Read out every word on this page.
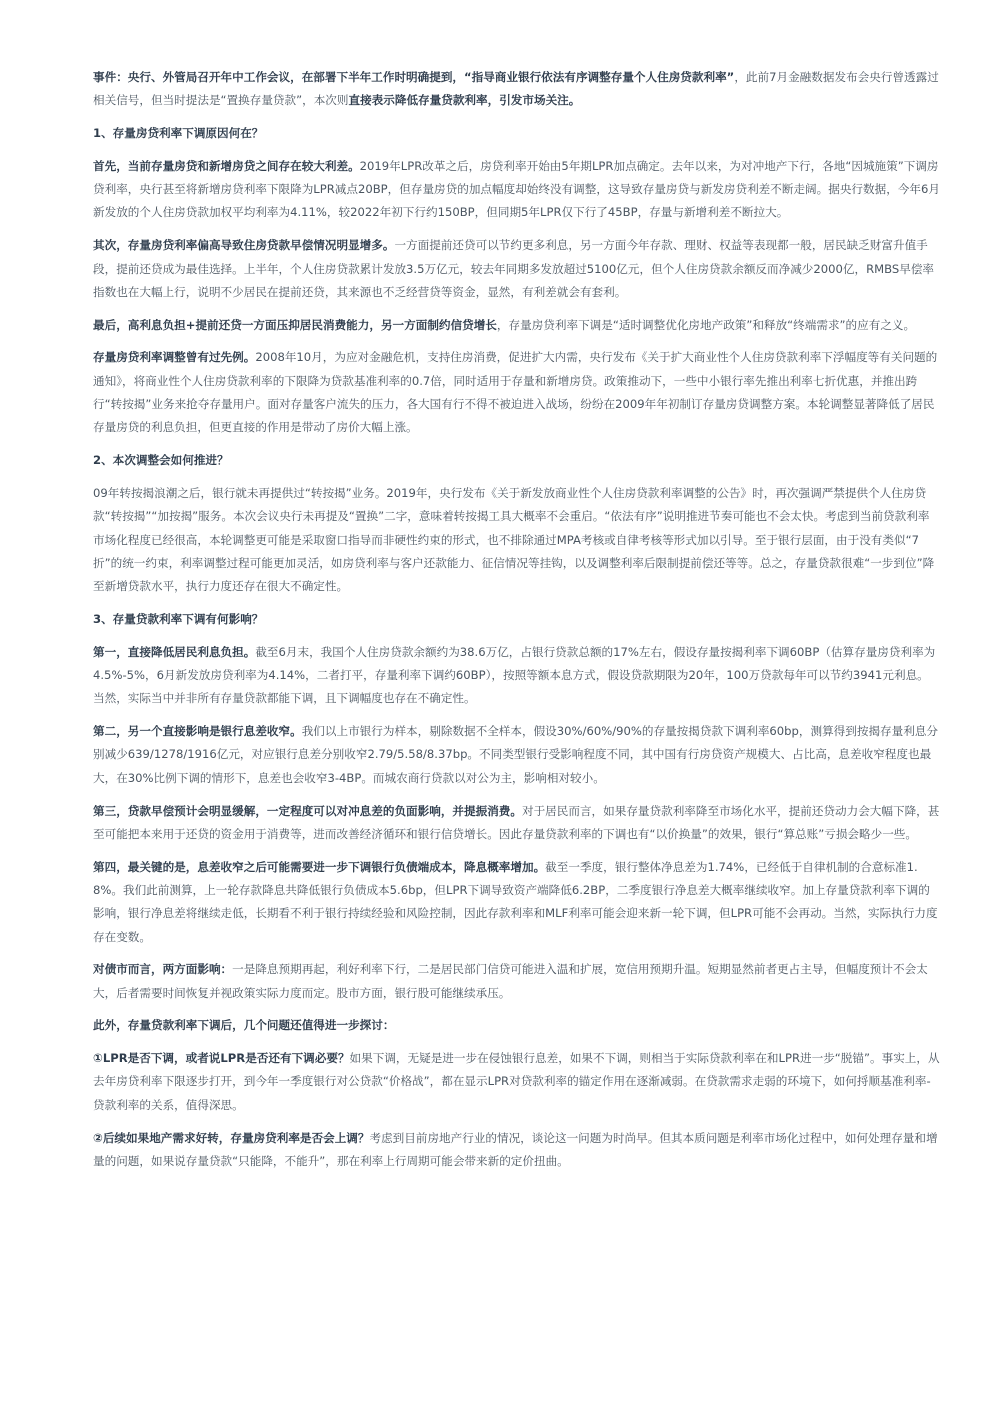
事件：央行、外管局召开年中工作会议，在部署下半年工作时明确提到，“指导商业银行依法有序调整存量个人住房贷款利率”，此前7月金融数据发布会央行曾透露过相关信号，但当时提法是“置换存量贷款”，本次则直接表示降低存量贷款利率，引发市场关注。

1、存量房贷利率下调原因何在？

首先，当前存量房贷和新增房贷之间存在较大利差。2019年LPR改革之后，房贷利率开始由5年期LPR加点确定。去年以来，为对冲地产下行，各地“因城施策”下调房贷利率，央行甚至将新增房贷利率下限降为LPR减点20BP，但存量房贷的加点幅度却始终没有调整，这导致存量房贷与新发房贷利差不断走阔。据央行数据，今年6月新发放的个人住房贷款加权平均利率为4.11%，较2022年初下行约150BP，但同期5年LPR仅下行了45BP，存量与新增利差不断拉大。

其次，存量房贷利率偏高导致住房贷款早偿情况明显增多。一方面提前还贷可以节约更多利息，另一方面今年存款、理财、权益等表现都一般，居民缺乏财富升值手段，提前还贷成为最佳选择。上半年，个人住房贷款累计发放3.5万亿元，较去年同期多发放超过5100亿元，但个人住房贷款余额反而净减少2000亿，RMBS早偿率指数也在大幅上行，说明不少居民在提前还贷，其来源也不乏经营贷等资金，显然，有利差就会有套利。

最后，高利息负担+提前还贷一方面压抑居民消费能力，另一方面制约信贷增长，存量房贷利率下调是“适时调整优化房地产政策”和释放“终端需求”的应有之义。

存量房贷利率调整曾有过先例。2008年10月，为应对金融危机，支持住房消费，促进扩大内需，央行发布《关于扩大商业性个人住房贷款利率下浮幅度等有关问题的通知》，将商业性个人住房贷款利率的下限降为贷款基准利率的0.7倍，同时适用于存量和新增房贷。政策推动下，一些中小银行率先推出利率七折优惠，并推出跨行“转按揭”业务来抢夺存量用户。面对存量客户流失的压力，各大国有行不得不被迫进入战场，纷纷在2009年年初制订存量房贷调整方案。本轮调整显著降低了居民存量房贷的利息负担，但更直接的作用是带动了房价大幅上涨。

2、本次调整会如何推进？

09年转按揭浪潮之后，银行就未再提供过“转按揭”业务。2019年，央行发布《关于新发放商业性个人住房贷款利率调整的公告》时，再次强调严禁提供个人住房贷款“转按揭”“加按揭”服务。本次会议央行未再提及“置换”二字，意味着转按揭工具大概率不会重启。“依法有序”说明推进节奏可能也不会太快。考虑到当前贷款利率市场化程度已经很高，本轮调整更可能是采取窗口指导而非硬性约束的形式，也不排除通过MPA考核或自律考核等形式加以引导。至于银行层面，由于没有类似“7折”的统一约束，利率调整过程可能更加灵活，如房贷利率与客户还款能力、征信情况等挂钩，以及调整利率后限制提前偿还等等。总之，存量贷款很难“一步到位”降至新增贷款水平，执行力度还存在很大不确定性。

3、存量贷款利率下调有何影响？

第一，直接降低居民利息负担。截至6月末，我国个人住房贷款余额约为38.6万亿，占银行贷款总额的17%左右，假设存量按揭利率下调60BP（估算存量房贷利率为4.5%-5%，6月新发放房贷利率为4.14%，二者打平，存量利率下调约60BP），按照等额本息方式，假设贷款期限为20年，100万贷款每年可以节约3941元利息。当然，实际当中并非所有存量贷款都能下调，且下调幅度也存在不确定性。

第二，另一个直接影响是银行息差收窄。我们以上市银行为样本，剔除数据不全样本，假设30%/60%/90%的存量按揭贷款下调利率60bp，测算得到按揭存量利息分别减少639/1278/1916亿元，对应银行息差分别收窄2.79/5.58/8.37bp。不同类型银行受影响程度不同，其中国有行房贷资产规模大、占比高，息差收窄程度也最大，在30%比例下调的情形下，息差也会收窄3-4BP。而城农商行贷款以对公为主，影响相对较小。

第三，贷款早偿预计会明显缓解，一定程度可以对冲息差的负面影响，并提振消费。对于居民而言，如果存量贷款利率降至市场化水平，提前还贷动力会大幅下降，甚至可能把本来用于还贷的资金用于消费等，进而改善经济循环和银行信贷增长。因此存量贷款利率的下调也有“以价换量”的效果，银行“算总账”亏损会略少一些。

第四，最关键的是，息差收窄之后可能需要进一步下调银行负债端成本，降息概率增加。截至一季度，银行整体净息差为1.74%，已经低于自律机制的合意标准1.8%。我们此前测算，上一轮存款降息共降低银行负债成本5.6bp，但LPR下调导致资产端降低6.2BP，二季度银行净息差大概率继续收窄。加上存量贷款利率下调的影响，银行净息差将继续走低，长期看不利于银行持续经验和风险控制，因此存款利率和MLF利率可能会迎来新一轮下调，但LPR可能不会再动。当然，实际执行力度存在变数。

对债市而言，两方面影响：一是降息预期再起，利好利率下行，二是居民部门信贷可能进入温和扩展，宽信用预期升温。短期显然前者更占主导，但幅度预计不会太大，后者需要时间恢复并视政策实际力度而定。股市方面，银行股可能继续承压。

此外，存量贷款利率下调后，几个问题还值得进一步探讨：

①LPR是否下调，或者说LPR是否还有下调必要？如果下调，无疑是进一步在侵蚀银行息差，如果不下调，则相当于实际贷款利率在和LPR进一步“脱锚”。事实上，从去年房贷利率下限逐步打开，到今年一季度银行对公贷款“价格战”，都在显示LPR对贷款利率的锚定作用在逐渐减弱。在贷款需求走弱的环境下，如何捋顺基准利率-贷款利率的关系，值得深思。

②后续如果地产需求好转，存量房贷利率是否会上调？考虑到目前房地产行业的情况，谈论这一问题为时尚早。但其本质问题是利率市场化过程中，如何处理存量和增量的问题，如果说存量贷款“只能降，不能升”，那在利率上行周期可能会带来新的定价扭曲。
